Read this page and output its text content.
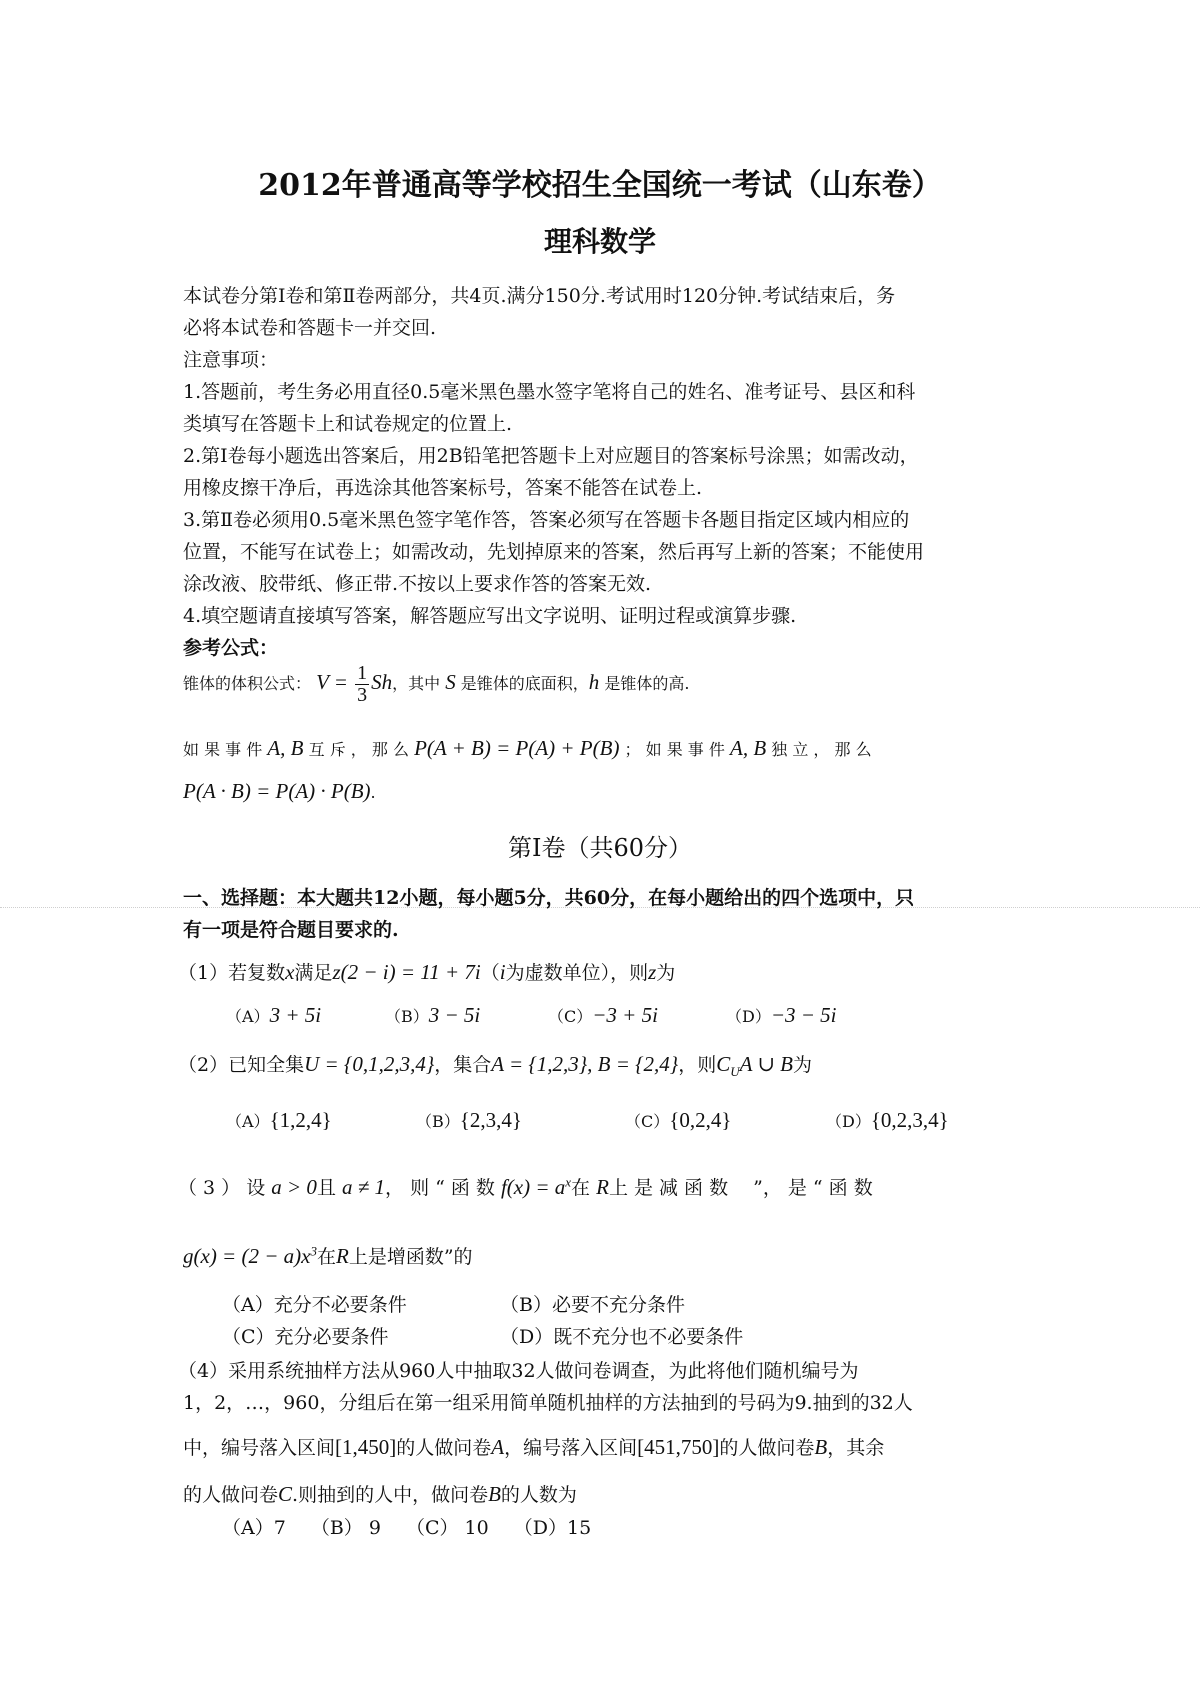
2012年普通高等学校招生全国统一考试（山东卷）
理科数学
本试卷分第Ⅰ卷和第Ⅱ卷两部分，共4页.满分150分.考试用时120分钟.考试结束后，务
必将本试卷和答题卡一并交回.
注意事项：
1.答题前，考生务必用直径0.5毫米黑色墨水签字笔将自己的姓名、准考证号、县区和科
类填写在答题卡上和试卷规定的位置上.
2.第Ⅰ卷每小题选出答案后，用2B铅笔把答题卡上对应题目的答案标号涂黑；如需改动，
用橡皮擦干净后，再选涂其他答案标号，答案不能答在试卷上.
3.第Ⅱ卷必须用0.5毫米黑色签字笔作答，答案必须写在答题卡各题目指定区域内相应的
位置，不能写在试卷上；如需改动，先划掉原来的答案，然后再写上新的答案；不能使用
涂改液、胶带纸、修正带.不按以上要求作答的答案无效.
4.填空题请直接填写答案，解答题应写出文字说明、证明过程或演算步骤.
参考公式：
锥体的体积公式： $V = \frac{1}{3}$ Sh，其中 S 是锥体的底面积，h 是锥体的高.
如 果 事 件 A, B 互 斥 ， 那 么 P(A + B) = P(A) + P(B) ； 如 果 事 件 A, B 独 立 ， 那 么
P(A · B) = P(A) · P(B).
第Ⅰ卷（共60分）
一、选择题：本大题共12小题，每小题5分，共60分，在每小题给出的四个选项中，只
有一项是符合题目要求的.
（1）若复数x满足z(2 − i) = 11 + 7i（i为虚数单位），则z为
（A）3 + 5i	（B）3 − 5i	（C）−3 + 5i	（D）−3 − 5i
（2）已知全集U = {0,1,2,3,4}，集合A = {1,2,3}, B = {2,4}，则$C_UA$ ∪ B为
（A）{1,2,4}	（B）{2,3,4}	（C）{0,2,4}	（D）{0,2,3,4}
（ 3 ） 设 a > 0且 a ≠ 1， 则 “ 函 数 $f(x) = a^x$在 R上 是 减 函 数　 ”， 是 “ 函 数
$g(x) = (2 - a)x^3$在R上是增函数”的
（A）充分不必要条件	（B）必要不充分条件
（C）充分必要条件	（D）既不充分也不必要条件
（4）采用系统抽样方法从960人中抽取32人做问卷调查，为此将他们随机编号为
1，2，…，960，分组后在第一组采用简单随机抽样的方法抽到的号码为9.抽到的32人
中，编号落入区间[1,450]的人做问卷A，编号落入区间[451,750]的人做问卷B，其余
的人做问卷C.则抽到的人中，做问卷B的人数为
（A）7　 （B） 9　 （C） 10　 （D）15
